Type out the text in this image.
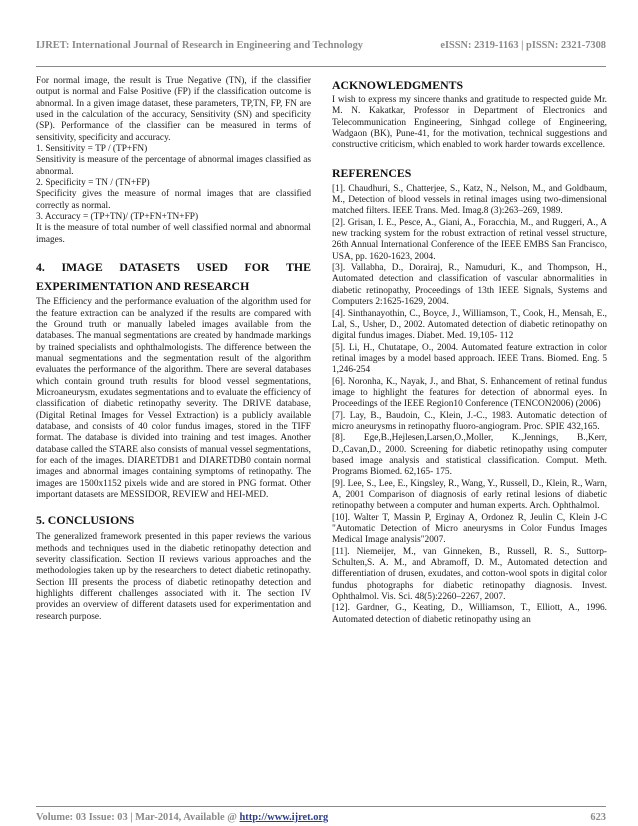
IJRET: International Journal of Research in Engineering and Technology	eISSN: 2319-1163 | pISSN: 2321-7308

For normal image, the result is True Negative (TN), if the classifier output is normal and False Positive (FP) if the classification outcome is abnormal. In a given image dataset, these parameters, TP,TN, FP, FN are used in the calculation of the accuracy, Sensitivity (SN) and specificity (SP). Performance of the classifier can be measured in terms of sensitivity, specificity and accuracy.

1. Sensitivity = TP / (TP+FN)

Sensitivity is measure of the percentage of abnormal images classified as abnormal.

2. Specificity = TN / (TN+FP)

Specificity gives the measure of normal images that are classified correctly as normal.

3. Accuracy = (TP+TN)/ (TP+FN+TN+FP)

It is the measure of total number of well classified normal and abnormal images.

4. IMAGE DATASETS USED FOR THE
EXPERIMENTATION AND RESEARCH

The Efficiency and the performance evaluation of the algorithm used for the feature extraction can be analyzed if the results are compared with the Ground truth or manually labeled images available from the databases. The manual segmentations are created by handmade markings by trained specialists and ophthalmologists. The difference between the manual segmentations and the segmentation result of the algorithm evaluates the performance of the algorithm. There are several databases which contain ground truth results for blood vessel segmentations, Microaneurysm, exudates segmentations and to evaluate the efficiency of classification of diabetic retinopathy severity. The DRIVE database, (Digital Retinal Images for Vessel Extraction) is a publicly available database, and consists of 40 color fundus images, stored in the TIFF format. The database is divided into training and test images. Another database called the STARE also consists of manual vessel segmentations, for each of the images. DIARETDB1 and DIARETDB0 contain normal images and abnormal images containing symptoms of retinopathy. The images are 1500x1152 pixels wide and are stored in PNG format. Other important datasets are MESSIDOR, REVIEW and HEI-MED.

5. CONCLUSIONS

The generalized framework presented in this paper reviews the various methods and techniques used in the diabetic retinopathy detection and severity classification. Section II reviews various approaches and the methodologies taken up by the researchers to detect diabetic retinopathy. Section III presents the process of diabetic retinopathy detection and highlights different challenges associated with it. The section IV provides an overview of different datasets used for experimentation and research purpose.

ACKNOWLEDGMENTS

I wish to express my sincere thanks and gratitude to respected guide Mr. M. N. Kakatkar, Professor in Department of Electronics and Telecommunication Engineering, Sinhgad college of Engineering, Wadgaon (BK), Pune-41, for the motivation, technical suggestions and constructive criticism, which enabled to work harder towards excellence.

REFERENCES

[1]. Chaudhuri, S., Chatterjee, S., Katz, N., Nelson, M., and Goldbaum, M., Detection of blood vessels in retinal images using two-dimensional matched filters. IEEE Trans. Med. Imag.8 (3):263–269, 1989.

[2]. Grisan, I. E., Pesce, A., Giani, A., Foracchia, M., and Ruggeri, A., A new tracking system for the robust extraction of retinal vessel structure, 26th Annual International Conference of the IEEE EMBS San Francisco, USA, pp. 1620-1623, 2004.

[3]. Vallabha, D., Dorairaj, R., Namuduri, K., and Thompson, H., Automated detection and classification of vascular abnormalities in diabetic retinopathy, Proceedings of 13th IEEE Signals, Systems and Computers 2:1625-1629, 2004.

[4]. Sinthanayothin, C., Boyce, J., Williamson, T., Cook, H., Mensah, E., Lal, S., Usher, D., 2002. Automated detection of diabetic retinopathy on digital fundus images. Diabet. Med. 19,105- 112

[5]. Li, H., Chutatape, O., 2004. Automated feature extraction in color retinal images by a model based approach. IEEE Trans. Biomed. Eng. 5 1,246-254

[6]. Noronha, K., Nayak, J., and Bhat, S. Enhancement of retinal fundus image to highlight the features for detection of abnormal eyes. In Proceedings of the IEEE Region10 Conference (TENCON2006) (2006)

[7]. Lay, B., Baudoin, C., Klein, J.-C., 1983. Automatic detection of micro aneurysms in retinopathy fluoro-angiogram. Proc. SPIE 432,165.

[8]. Ege,B.,Hejlesen,Larsen,O.,Moller, K.,Jennings, B.,Kerr, D.,Cavan,D., 2000. Screening for diabetic retinopathy using computer based image analysis and statistical classification. Comput. Meth. Programs Biomed. 62,165- 175.

[9]. Lee, S., Lee, E., Kingsley, R., Wang, Y., Russell, D., Klein, R., Warn, A, 2001 Comparison of diagnosis of early retinal lesions of diabetic retinopathy between a computer and human experts. Arch. Ophthalmol.

[10]. Walter T, Massin P, Erginay A, Ordonez R, Jeulin C, Klein J-C "Automatic Detection of Micro aneurysms in Color Fundus Images Medical Image analysis"2007.

[11]. Niemeijer, M., van Ginneken, B., Russell, R. S., Suttorp-Schulten,S. A. M., and Abramoff, D. M., Automated detection and differentiation of drusen, exudates, and cotton-wool spots in digital color fundus photographs for diabetic retinopathy diagnosis. Invest. Ophthalmol. Vis. Sci. 48(5):2260–2267, 2007.

[12]. Gardner, G., Keating, D., Williamson, T., Elliott, A., 1996. Automated detection of diabetic retinopathy using an

Volume: 03 Issue: 03 | Mar-2014, Available @ http://www.ijret.org	623
